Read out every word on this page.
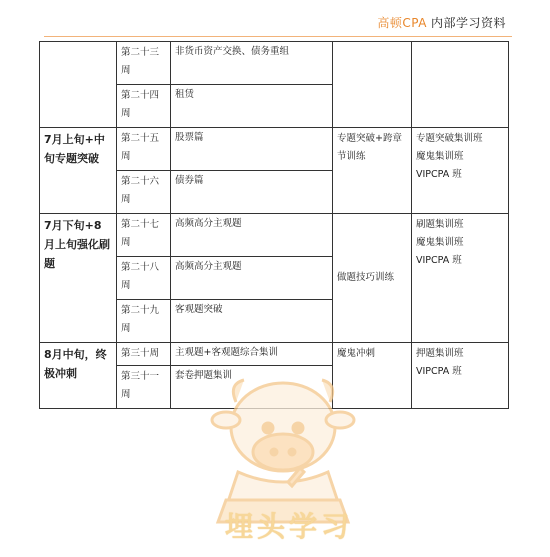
高顿CPA 内部学习资料
	第二十三周	非货币资产交换、债务重组		
	第二十四周	租赁		
7月上旬+中旬专题突破	第二十五周	股票篇	专题突破+跨章节训练	专题突破集训班
魔鬼集训班
VIPCPA 班

	第二十六周	债券篇		
7月下旬+8月上旬强化刷题	第二十七周	高频高分主观题	做题技巧训练	刷题集训班
魔鬼集训班
VIPCPA 班

	第二十八周	高频高分主观题		
	第二十九周	客观题突破		
8月中旬，终极冲刺	第三十周	主观题+客观题综合集训	魔鬼冲刺	押题集训班
VIPCPA 班

	第三十一周	套卷押题集训		
埋头学习
